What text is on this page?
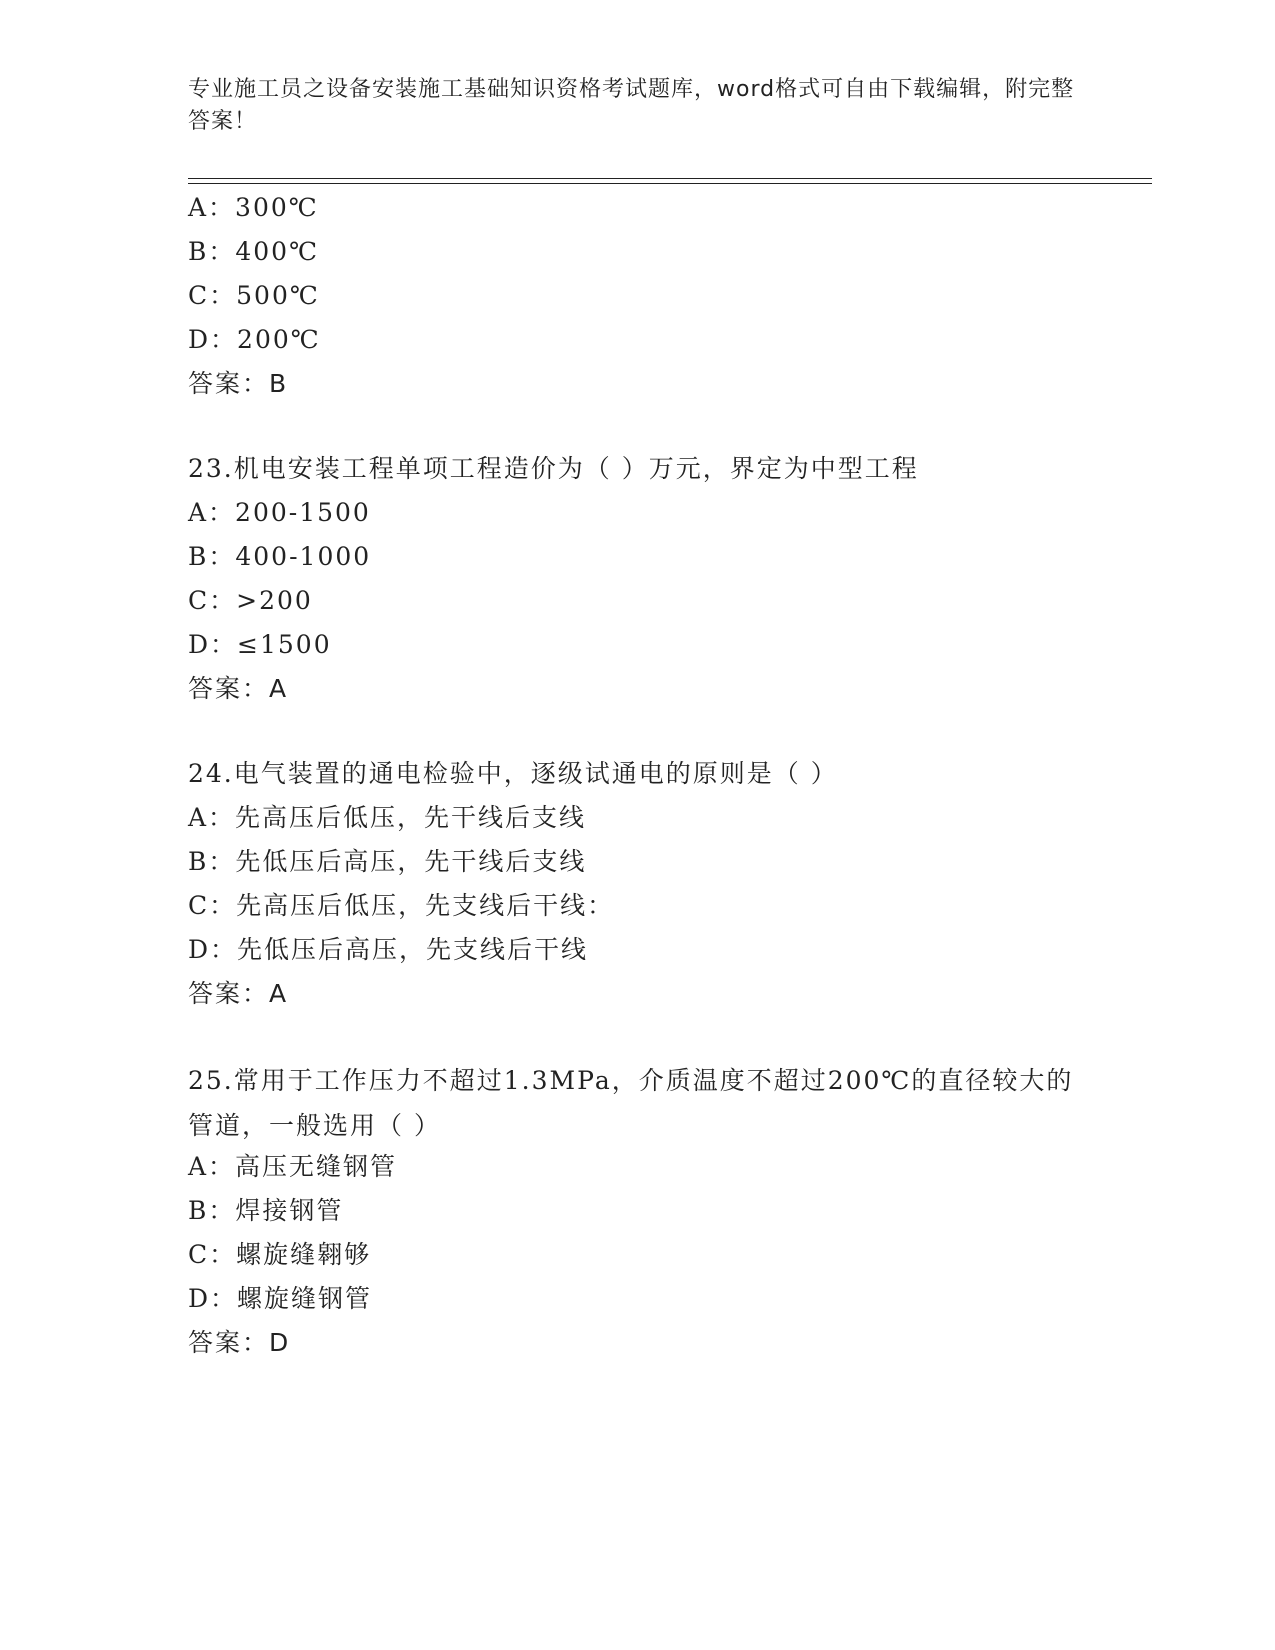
专业施工员之设备安装施工基础知识资格考试题库，word格式可自由下载编辑，附完整答案！
A：300℃
B：400℃
C：500℃
D：200℃
答案：B
23.机电安装工程单项工程造价为（ ）万元，界定为中型工程
A：200-1500
B：400-1000
C：>200
D：≤1500
答案：A
24.电气装置的通电检验中，逐级试通电的原则是（ ）
A：先高压后低压，先干线后支线
B：先低压后高压，先干线后支线
C：先高压后低压，先支线后干线：
D：先低压后高压，先支线后干线
答案：A
25.常用于工作压力不超过1.3MPa，介质温度不超过200℃的直径较大的管道，一般选用（ ）
A：高压无缝钢管
B：焊接钢管
C：螺旋缝翱够
D：螺旋缝钢管
答案：D
